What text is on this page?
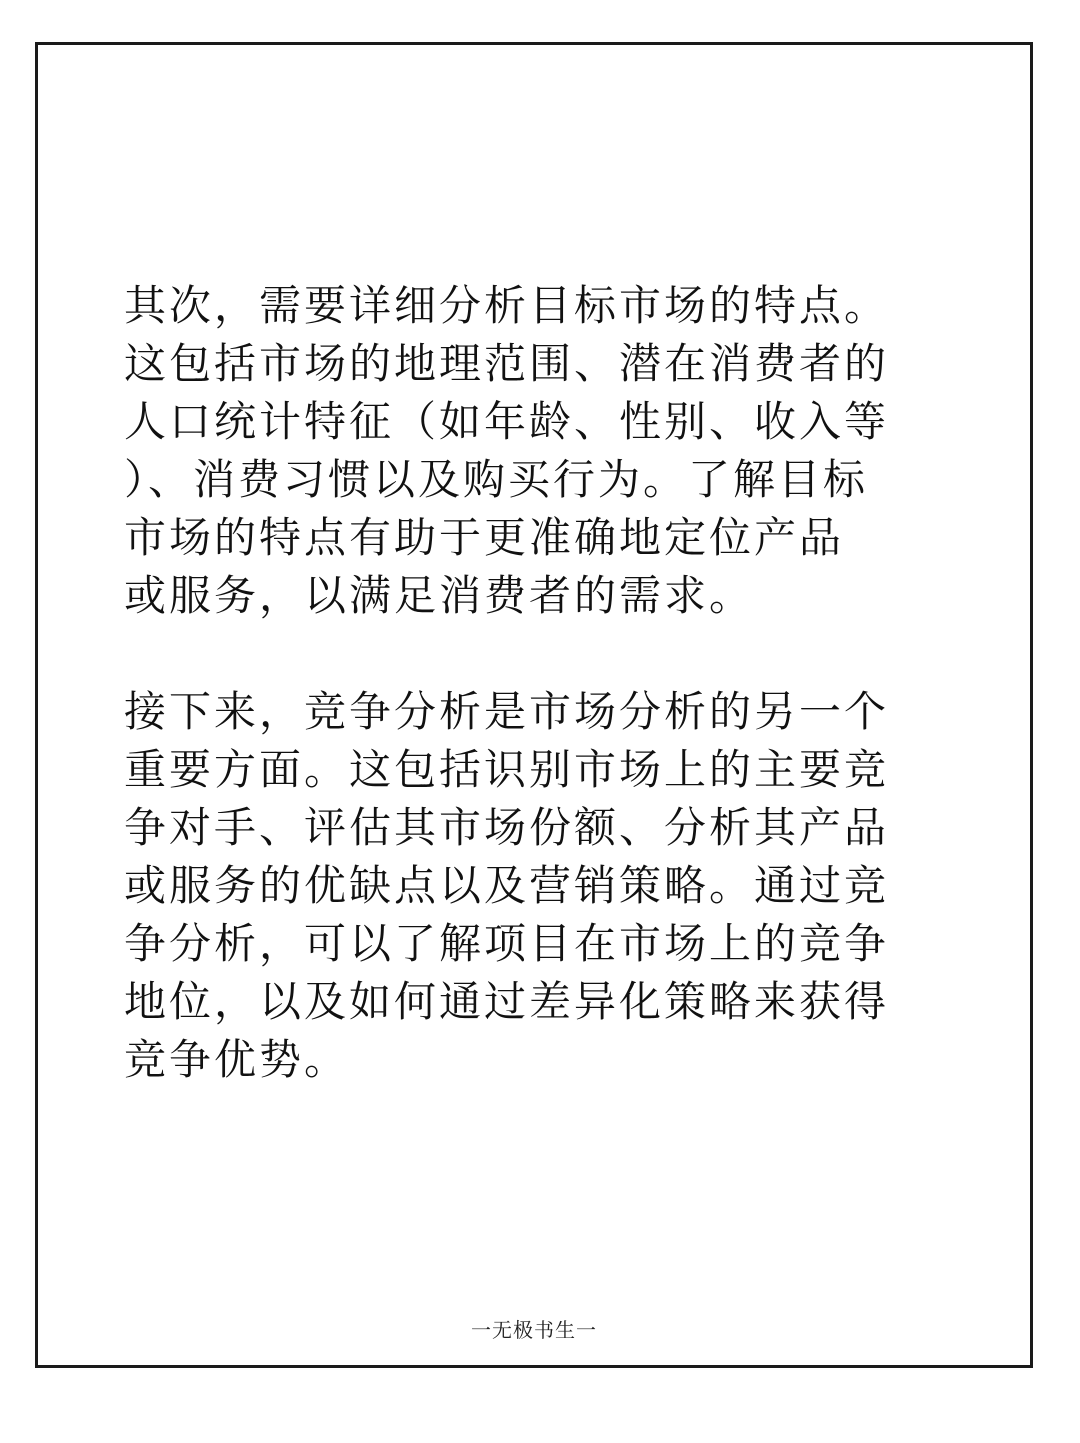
其次，需要详细分析目标市场的特点。
这包括市场的地理范围、潜在消费者的
人口统计特征（如年龄、性别、收入等
）、消费习惯以及购买行为。了解目标
市场的特点有助于更准确地定位产品
或服务，以满足消费者的需求。

接下来，竞争分析是市场分析的另一个
重要方面。这包括识别市场上的主要竞
争对手、评估其市场份额、分析其产品
或服务的优缺点以及营销策略。通过竞
争分析，可以了解项目在市场上的竞争
地位，以及如何通过差异化策略来获得
竞争优势。

一无极书生一
